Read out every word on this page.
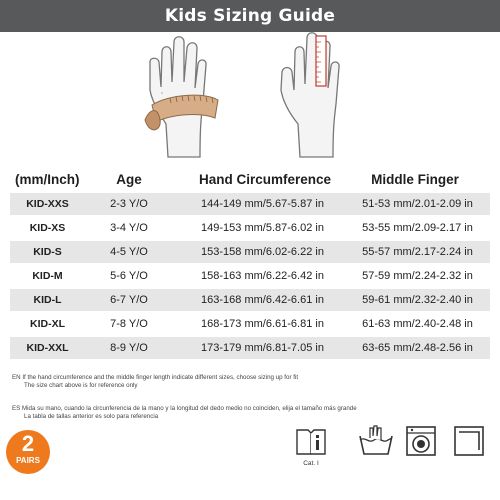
Kids Sizing Guide
(mm/Inch)	Age	Hand Circumference	Middle Finger
KID-XXS	2-3 Y/O	144-149 mm/5.67-5.87 in	51-53 mm/2.01-2.09 in
KID-XS	3-4 Y/O	149-153 mm/5.87-6.02 in	53-55 mm/2.09-2.17 in
KID-S	4-5 Y/O	153-158 mm/6.02-6.22 in	55-57 mm/2.17-2.24 in
KID-M	5-6 Y/O	158-163 mm/6.22-6.42 in	57-59 mm/2.24-2.32 in
KID-L	6-7 Y/O	163-168 mm/6.42-6.61 in	59-61 mm/2.32-2.40 in
KID-XL	7-8 Y/O	168-173 mm/6.61-6.81 in	61-63 mm/2.40-2.48 in
KID-XXL	8-9 Y/O	173-179 mm/6.81-7.05 in	63-65 mm/2.48-2.56 in
EN If the hand circumference and the middle finger length indicate different sizes, choose sizing up for fit
The size chart above is for reference only
ES Mida su mano, cuando la circunferencia de la mano y la longitud del dedo medio no coinciden, elija el tamaño más grande
La tabla de tallas anterior es solo para referencia
2
PAIRS	Cat. I
